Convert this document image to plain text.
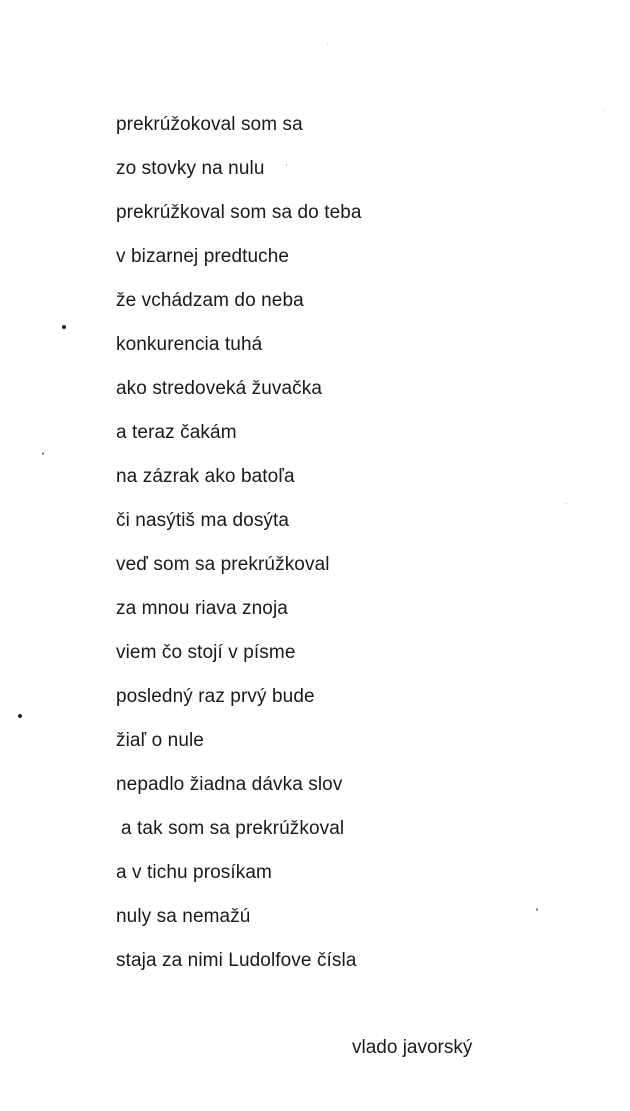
prekrúžokoval som sa
zo stovky na nulu
prekrúžkoval som sa do teba
v bizarnej predtuche
že vchádzam do neba
konkurencia tuhá
ako stredoveká žuvačka
a teraz čakám
na zázrak ako batoľa
či nasýtiš ma dosýta
veď som sa prekrúžkoval
za mnou riava znoja
viem čo stojí v písme
posledný raz prvý bude
žiaľ o nule
nepadlo žiadna dávka slov
a tak som sa prekrúžkoval
a v tichu prosíkam
nuly sa nemažú
staja za nimi Ludolfove čísla
vlado javorský
